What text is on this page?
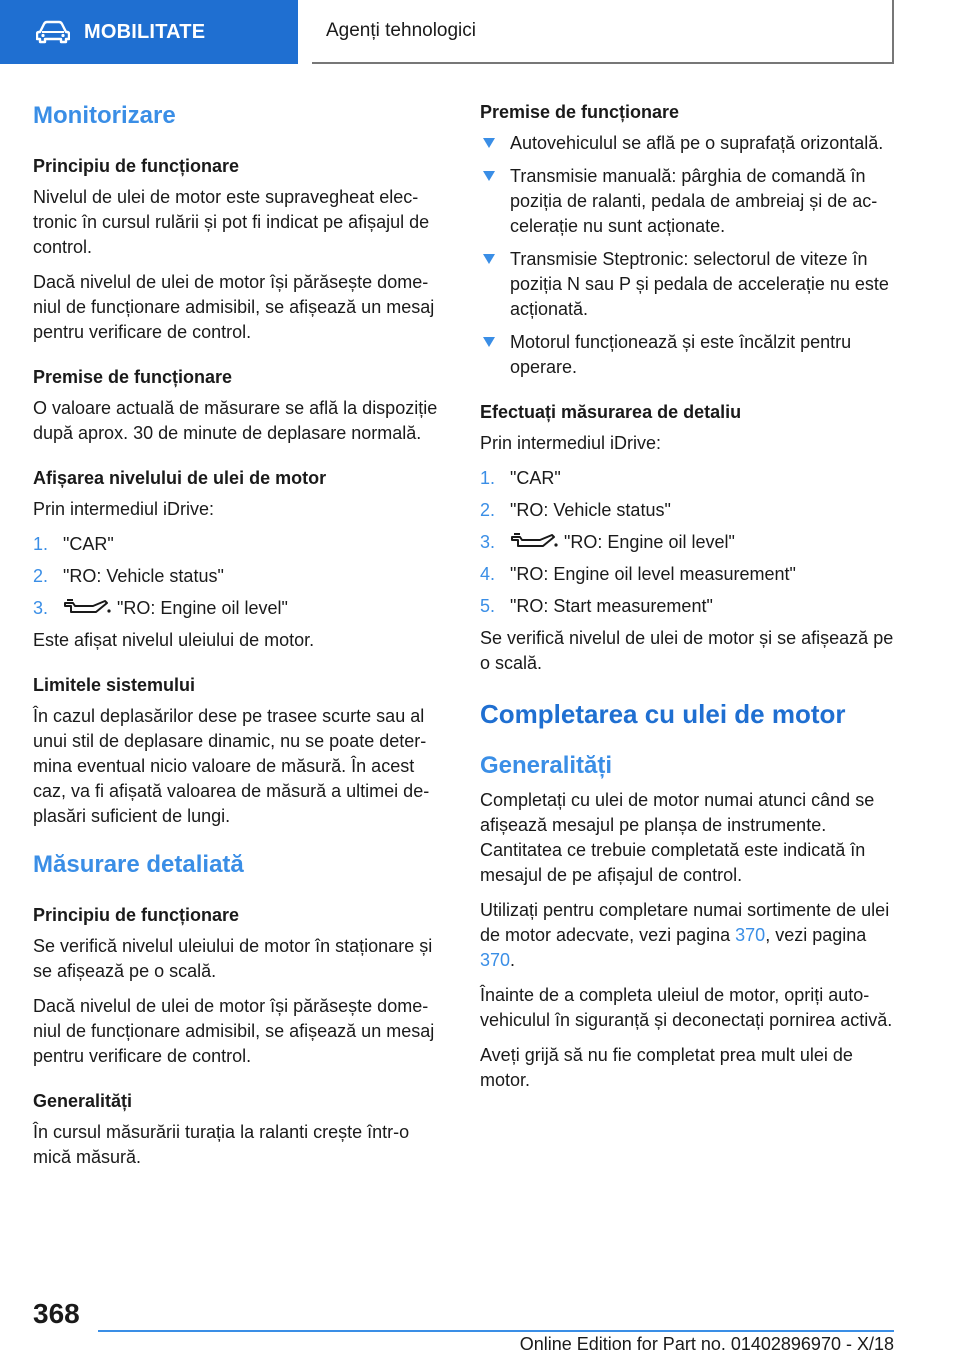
MOBILITATE	Agenți tehnologici
Monitorizare
Principiu de funcționare

Nivelul de ulei de motor este supravegheat electronic în cursul rulării și pot fi indicat pe afișajul de control.

Dacă nivelul de ulei de motor își părăsește domeniul de funcționare admisibil, se afișează un mesaj pentru verificare de control.

Premise de funcționare

O valoare actuală de măsurare se află la dispoziție după aprox. 30 de minute de deplasare normală.

Afișarea nivelului de ulei de motor

Prin intermediul iDrive:

1. "CAR"
2. "RO: Vehicle status"
3.	"RO: Engine oil level"

Este afișat nivelul uleiului de motor.

Limitele sistemului

În cazul deplasărilor dese pe trasee scurte sau al unui stil de deplasare dinamic, nu se poate determina eventual nicio valoare de măsură. În acest caz, va fi afișată valoarea de măsură a ultimei deplasări suficient de lungi.

Măsurare detaliată
Principiu de funcționare

Se verifică nivelul uleiului de motor în staționare și se afișează pe o scală.

Dacă nivelul de ulei de motor își părăsește domeniul de funcționare admisibil, se afișează un mesaj pentru verificare de control.

Generalități

În cursul măsurării turația la ralanti crește într-o mică măsură.

Premise de funcționare
Autovehiculul se află pe o suprafață orizontală.
Transmisie manuală: pârghia de comandă în poziția de ralanti, pedala de ambreiaj și de accelerație nu sunt acționate.
Transmisie Steptronic: selectorul de viteze în poziția N sau P și pedala de accelerație nu este acționată.
Motorul funcționează și este încălzit pentru operare.
Efectuați măsurarea de detaliu

Prin intermediul iDrive:

1. "CAR"
2. "RO: Vehicle status"
3.	"RO: Engine oil level"
4. "RO: Engine oil level measurement"
5. "RO: Start measurement"

Se verifică nivelul de ulei de motor și se afișează pe o scală.

Completarea cu ulei de motor
Generalități

Completați cu ulei de motor numai atunci când se afișează mesajul pe planșa de instrumente. Cantitatea ce trebuie completată este indicată în mesajul de pe afișajul de control.

Utilizați pentru completare numai sortimente de ulei de motor adecvate, vezi pagina 370, vezi pagina 370.

Înainte de a completa uleiul de motor, opriți autovehiculul în siguranță și deconectați pornirea activă.

Aveți grijă să nu fie completat prea mult ulei de motor.

368
Online Edition for Part no. 01402896970 - X/18
